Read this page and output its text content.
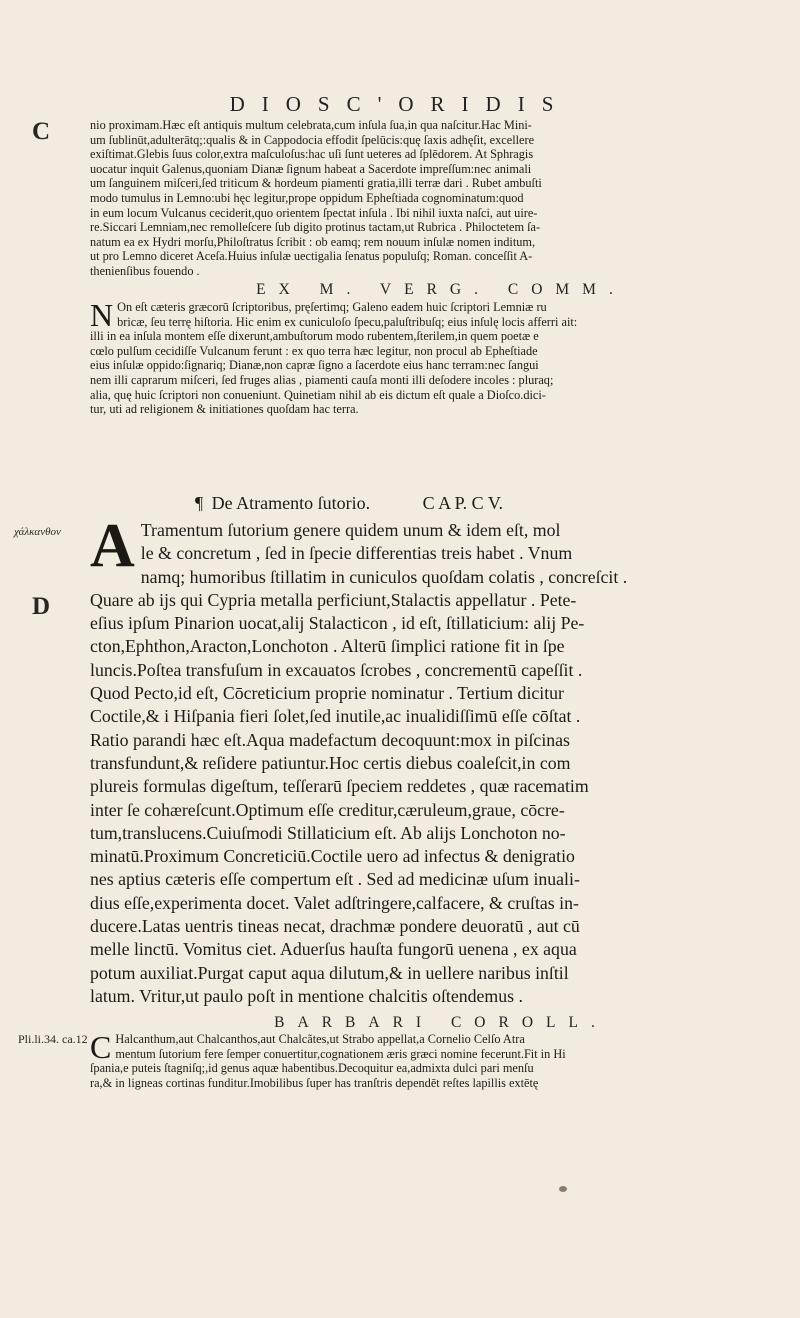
DIOSC'ORIDIS
C
D
χάλκανθον
Pli.li.34. ca.12
nio proximam.Hæc eſt antiquis multum celebrata,cum inſula ſua,in qua naſcitur.Hac Mini-
um ſublinūt,adulterātq;:qualis & in Cappodocia effodit ſpelūcis:quę ſaxis adhęſit, excellere
exiſtimat.Glebis ſuus color,extra maſculoſus:hac uſi ſunt ueteres ad ſplēdorem. At Sphragis
uocatur inquit Galenus,quoniam Dianæ ſignum habeat a Sacerdote impreſſum:nec animali
um ſanguinem miſceri,ſed triticum & hordeum piamenti gratia,illi terræ dari . Rubet ambuſti
modo tumulus in Lemno:ubi hęc legitur,prope oppidum Epheſtiada cognominatum:quod
in eum locum Vulcanus ceciderit,quo orientem ſpectat inſula . Ibi nihil iuxta naſci, aut uire-
re.Siccari Lemniam,nec remolleſcere ſub digito protinus tactam,ut Rubrica . Philoctetem ſa-
natum ea ex Hydri morſu,Philoſtratus ſcribit : ob eamq; rem nouum inſulæ nomen inditum,
ut pro Lemno diceret Aceſa.Huius inſulæ uectigalia ſenatus populuſq; Roman. conceſſit A-
thenienſibus fouendo .
EX M. VERG. COMM.
N On eſt cæteris græcorū ſcriptoribus, pręſertimq; Galeno eadem huic ſcriptori Lemniæ ru
bricæ, ſeu terrę hiſtoria. Hic enim ex cuniculoſo ſpecu,paluſtribuſq; eius inſulę locis afferri ait:
illi in ea inſula montem eſſe dixerunt,ambuſtorum modo rubentem,ſterilem,in quem poetæ e
cœlo pulſum cecidiſſe Vulcanum ferunt : ex quo terra hæc legitur, non procul ab Epheſtiade
eius inſulæ oppido:ſignariq; Dianæ,non capræ ſigno a ſacerdote eius hanc terram:nec ſangui
nem illi caprarum miſceri, ſed fruges alias , piamenti cauſa monti illi deſodere incoles : pluraq;
alia, quę huic ſcriptori non conueniunt. Quinetiam nihil ab eis dictum eſt quale a Dioſco.dici-
tur, uti ad religionem & initiationes quoſdam hac terra.
¶ De Atramento ſutorio.	C A P. C V.
A Tramentum ſutorium genere quidem unum & idem eſt, mol
le & concretum , ſed in ſpecie differentias treis habet . Vnum
namq; humoribus ſtillatim in cuniculos quoſdam colatis , concreſcit .
Quare ab ijs qui Cypria metalla perficiunt,Stalactis appellatur . Pete-
eſius ipſum Pinarion uocat,alij Stalacticon , id eſt, ſtillaticium: alij Pe-
cton,Ephthon,Aracton,Lonchoton . Alterū ſimplici ratione fit in ſpe
luncis.Poſtea transfuſum in excauatos ſcrobes , concrementū capeſſit .
Quod Pecto,id eſt, Cōcreticium proprie nominatur . Tertium dicitur
Coctile,& i Hiſpania fieri ſolet,ſed inutile,ac inualidiſſimū eſſe cōſtat .
Ratio parandi hæc eſt.Aqua madefactum decoquunt:mox in piſcinas
transfundunt,& reſidere patiuntur.Hoc certis diebus coaleſcit,in com
plureis formulas digeſtum, teſſerarū ſpeciem reddetes , quæ racematim
inter ſe cohæreſcunt.Optimum eſſe creditur,cæruleum,graue, cōcre-
tum,translucens.Cuiuſmodi Stillaticium eſt. Ab alijs Lonchoton no-
minatū.Proximum Concreticiū.Coctile uero ad infectus & denigratio
nes aptius cæteris eſſe compertum eſt . Sed ad medicinæ uſum inuali-
dius eſſe,experimenta docet. Valet adſtringere,calfacere, & cruſtas in-
ducere.Latas uentris tineas necat, drachmæ pondere deuoratū , aut cū
melle linctū. Vomitus ciet. Aduerſus hauſta fungorū uenena , ex aqua
potum auxiliat.Purgat caput aqua dilutum,& in uellere naribus inſtil
latum. Vritur,ut paulo poſt in mentione chalcitis oſtendemus .
BARBARI COROLL.
C Halcanthum,aut Chalcanthos,aut Chalcãtes,ut Strabo appellat,a Cornelio Celſo Atra
mentum ſutorium fere ſemper conuertitur,cognationem æris græci nomine fecerunt.Fit in Hi
ſpania,e puteis ſtagniſq;,id genus aquæ habentibus.Decoquitur ea,admixta dulci pari menſu
ra,& in ligneas cortinas funditur.Imobilibus ſuper has tranſtris dependēt reſtes lapillis extētę
